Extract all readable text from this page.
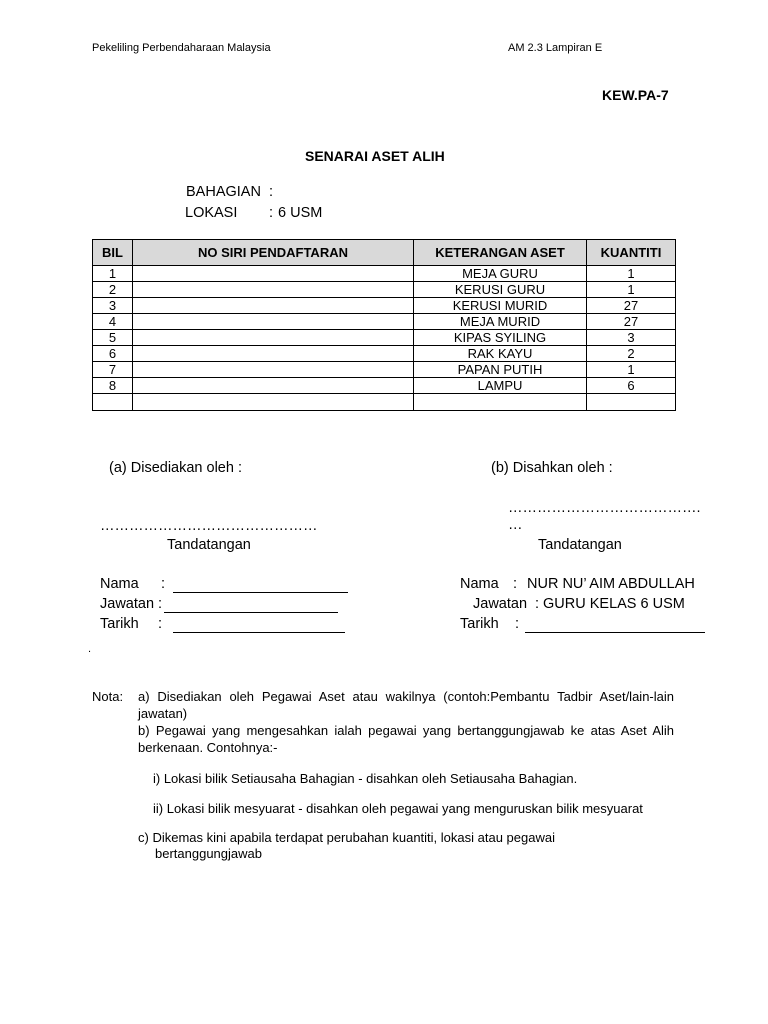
Pekeliling Perbendaharaan Malaysia	AM 2.3 Lampiran E
KEW.PA-7
SENARAI ASET ALIH
BAHAGIAN :
LOKASI : 6 USM
BIL	NO SIRI PENDAFTARAN	KETERANGAN ASET	KUANTITI
1		MEJA GURU	1
2		KERUSI GURU	1
3		KERUSI MURID	27
4		MEJA MURID	27
5		KIPAS SYILING	3
6		RAK KAYU	2
7		PAPAN PUTIH	1
8		LAMPU	6

(a) Disediakan oleh :
………………………………………
Tandatangan
Nama :
Jawatan :
Tarikh :
(b) Disahkan oleh :
………………………………….
…
Tandatangan
Nama : NUR NU’ AIM ABDULLAH
Jawatan : GURU KELAS 6 USM
Tarikh :
.
Nota: a) Disediakan oleh Pegawai Aset atau wakilnya (contoh:Pembantu Tadbir Aset/lain-lain jawatan)
b) Pegawai yang mengesahkan ialah pegawai yang bertanggungjawab ke atas Aset Alih berkenaan. Contohnya:-
i) Lokasi bilik Setiausaha Bahagian - disahkan oleh Setiausaha Bahagian.
ii) Lokasi bilik mesyuarat - disahkan oleh pegawai yang menguruskan bilik mesyuarat
c) Dikemas kini apabila terdapat perubahan kuantiti, lokasi atau pegawai
bertanggungjawab
